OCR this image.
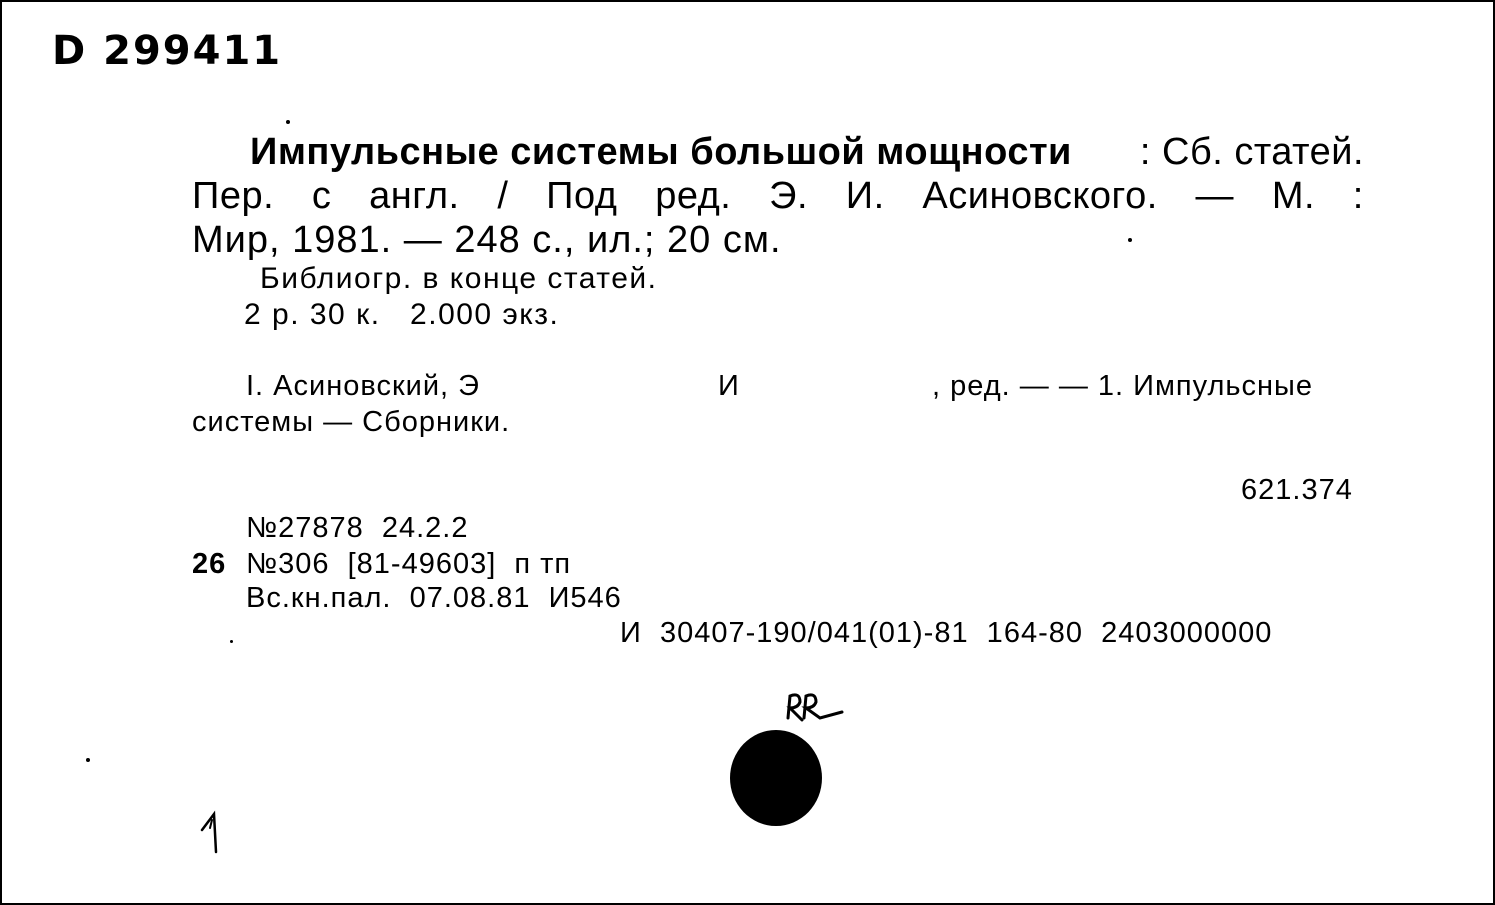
D 299411
Импульсные системы большой мощности : Сб. статей.
Пер. с англ. / Под ред. Э. И. Асиновского. — М. :
Мир, 1981. — 248 с., ил.; 20 см.
Библиогр. в конце статей.
2 р. 30 к.   2.000 экз.
I. Асиновский, Э	И	, ред. — — 1. Импульсные
системы — Сборники.
621.374
№27878  24.2.2
26 №306  [81-49603]  п тп
Вс.кн.пал.  07.08.81  И546
И  30407-190/041(01)-81  164-80  2403000000
